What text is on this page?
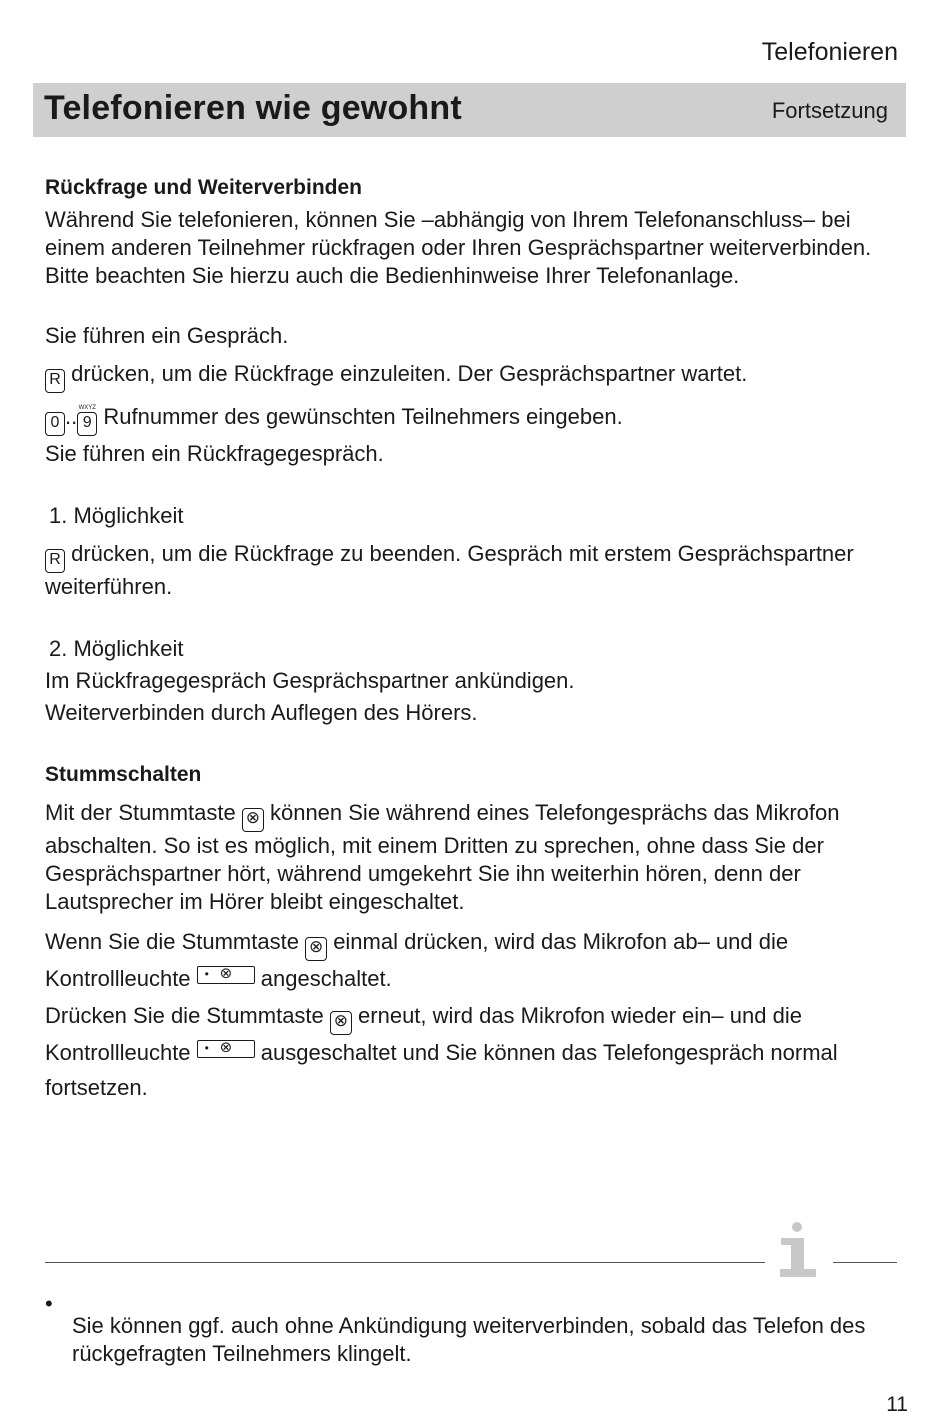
Telefonieren
Telefonieren wie gewohnt	Fortsetzung

Rückfrage und Weiterverbinden

Während Sie telefonieren, können Sie –abhängig von Ihrem Telefonanschluss– bei einem anderen Teilnehmer rückfragen oder Ihren Gesprächspartner weiterverbinden. Bitte beachten Sie hierzu auch die Bedienhinweise Ihrer Telefonanlage.

Sie führen ein Gespräch.

R drücken, um die Rückfrage einzuleiten. Der Gesprächspartner wartet.

0 .. WXYZ
9 Rufnummer des gewünschten Teilnehmers eingeben.

Sie führen ein Rückfragegespräch.

1. Möglichkeit

R drücken, um die Rückfrage zu beenden. Gespräch mit erstem Gesprächspartner weiterführen.

2. Möglichkeit

Im Rückfragegespräch Gesprächspartner ankündigen.

Weiterverbinden durch Auflegen des Hörers.

Stummschalten

Mit der Stummtaste ⊗ können Sie während eines Telefongesprächs das Mikrofon abschalten. So ist es möglich, mit einem Dritten zu sprechen, ohne dass Sie der Gesprächspartner hört, während umgekehrt Sie ihn weiterhin hören, denn der Lautsprecher im Hörer bleibt eingeschaltet.

Wenn Sie die Stummtaste ⊗ einmal drücken, wird das Mikrofon ab– und die Kontrollleuchte • ⊗ angeschaltet.

Drücken Sie die Stummtaste ⊗ erneut, wird das Mikrofon wieder ein– und die Kontrollleuchte • ⊗ ausgeschaltet und Sie können das Telefongespräch normal fortsetzen.

•

Sie können ggf. auch ohne Ankündigung weiterverbinden, sobald das Telefon des rückgefragten Teilnehmers klingelt.

11
